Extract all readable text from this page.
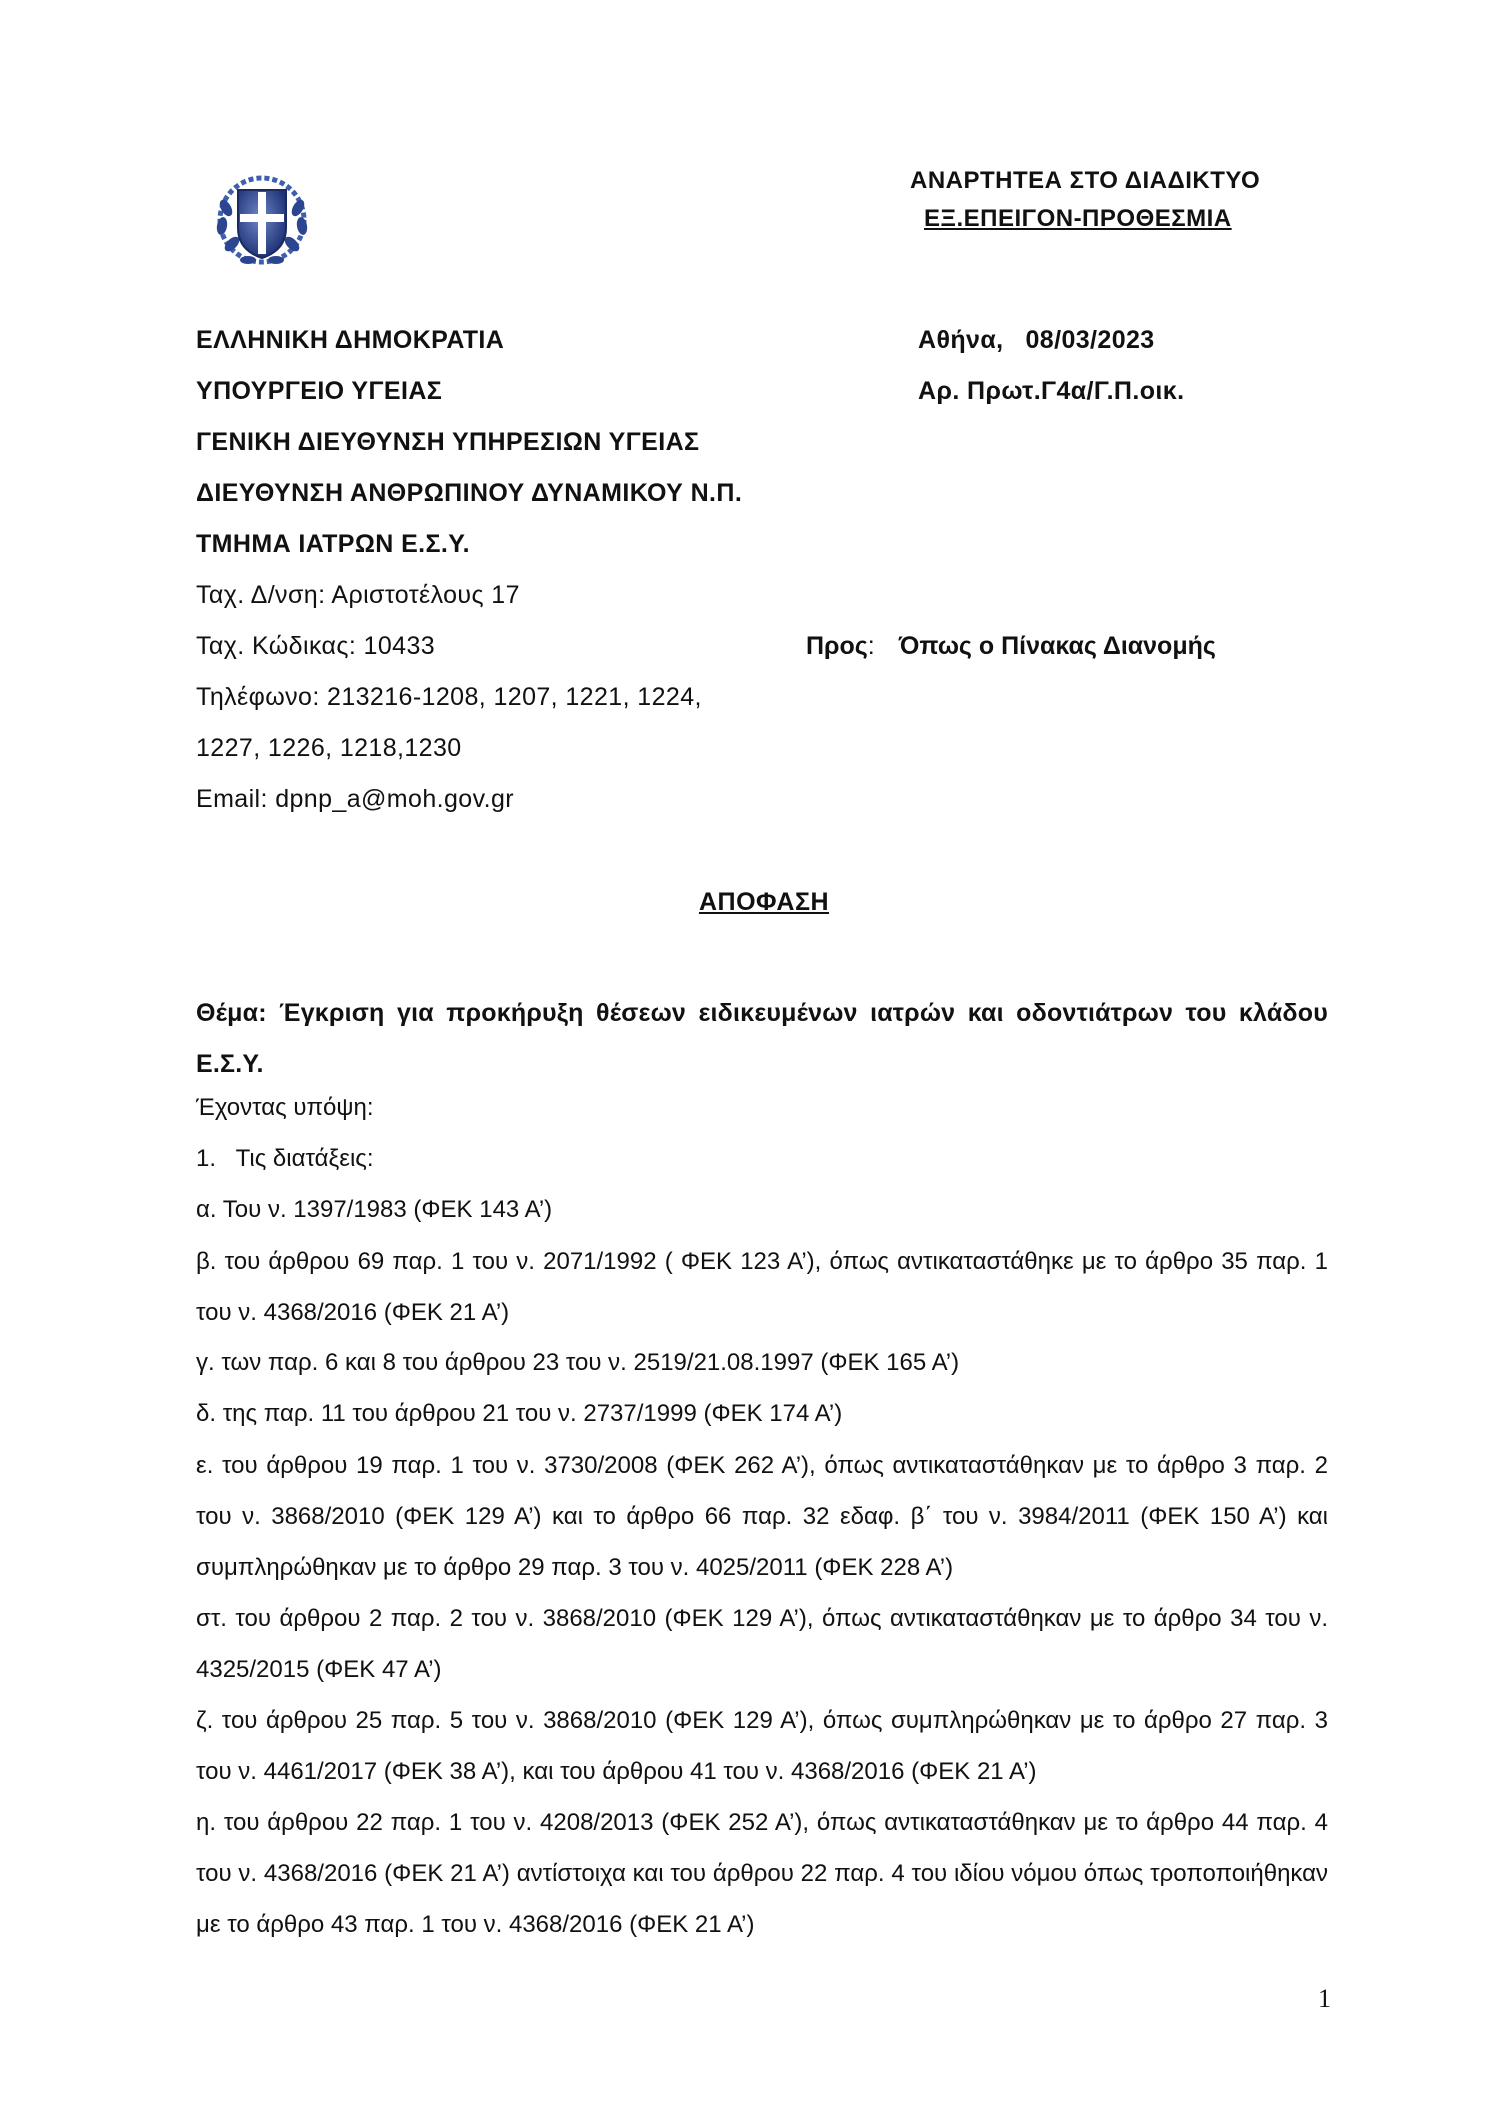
ΑΝΑΡΤΗΤΕΑ ΣΤΟ ΔΙΑΔΙΚΤΥΟ
ΕΞ.ΕΠΕΙΓΟΝ-ΠΡΟΘΕΣΜΙΑ
ΕΛΛΗΝΙΚΗ ΔΗΜΟΚΡΑΤΙΑ
ΥΠΟΥΡΓΕΙΟ ΥΓΕΙΑΣ
ΓΕΝΙΚΗ ΔΙΕΥΘΥΝΣΗ ΥΠΗΡΕΣΙΩΝ ΥΓΕΙΑΣ
ΔΙΕΥΘΥΝΣΗ ΑΝΘΡΩΠΙΝΟΥ ΔΥΝΑΜΙΚΟΥ Ν.Π.
ΤΜΗΜΑ ΙΑΤΡΩΝ Ε.Σ.Υ.
Ταχ. Δ/νση: Αριστοτέλους 17
Ταχ. Κώδικας: 10433
Τηλέφωνο: 213216-1208, 1207, 1221, 1224,
1227, 1226, 1218,1230
Email: dpnp_a@moh.gov.gr
Αθήνα,   08/03/2023
Αρ. Πρωτ.Γ4α/Γ.Π.οικ.
Προς: Όπως ο Πίνακας Διανομής
ΑΠΟΦΑΣΗ
Θέμα: Έγκριση για προκήρυξη θέσεων ειδικευμένων ιατρών και οδοντιάτρων του κλάδου Ε.Σ.Υ.
Έχοντας υπόψη:
1.   Τις διατάξεις:
α. Του ν. 1397/1983 (ΦΕΚ 143 Α’)
β. του άρθρου 69 παρ. 1 του ν. 2071/1992 ( ΦΕΚ 123 Α’), όπως αντικαταστάθηκε με το άρθρο 35 παρ. 1 του ν. 4368/2016 (ΦΕΚ 21 Α’)
γ. των παρ. 6 και 8 του άρθρου 23 του ν. 2519/21.08.1997 (ΦΕΚ 165 Α’)
δ. της παρ. 11 του άρθρου 21 του ν. 2737/1999 (ΦΕΚ 174 Α’)
ε. του άρθρου 19 παρ. 1 του ν. 3730/2008 (ΦΕΚ 262 Α’), όπως αντικαταστάθηκαν με το άρθρο 3 παρ. 2 του ν. 3868/2010 (ΦΕΚ 129 Α’) και το άρθρο 66 παρ. 32 εδαφ. β΄ του ν. 3984/2011 (ΦΕΚ 150 Α’) και συμπληρώθηκαν με το άρθρο 29 παρ. 3 του ν. 4025/2011 (ΦΕΚ 228 Α’)
στ. του άρθρου 2 παρ. 2 του ν. 3868/2010 (ΦΕΚ 129 Α’), όπως αντικαταστάθηκαν με το άρθρο 34 του ν. 4325/2015 (ΦΕΚ 47 Α’)
ζ. του άρθρου 25 παρ. 5 του ν. 3868/2010 (ΦΕΚ 129 Α’), όπως συμπληρώθηκαν με το άρθρο 27 παρ. 3 του ν. 4461/2017 (ΦΕΚ 38 Α’), και του άρθρου 41 του ν. 4368/2016 (ΦΕΚ 21 Α’)
η. του άρθρου 22 παρ. 1 του ν. 4208/2013 (ΦΕΚ 252 Α’), όπως αντικαταστάθηκαν με το άρθρο 44 παρ. 4 του ν. 4368/2016 (ΦΕΚ 21 Α’) αντίστοιχα και του άρθρου 22 παρ. 4 του ιδίου νόμου όπως τροποποιήθηκαν με το άρθρο 43 παρ. 1 του ν. 4368/2016 (ΦΕΚ 21 Α’)
1
